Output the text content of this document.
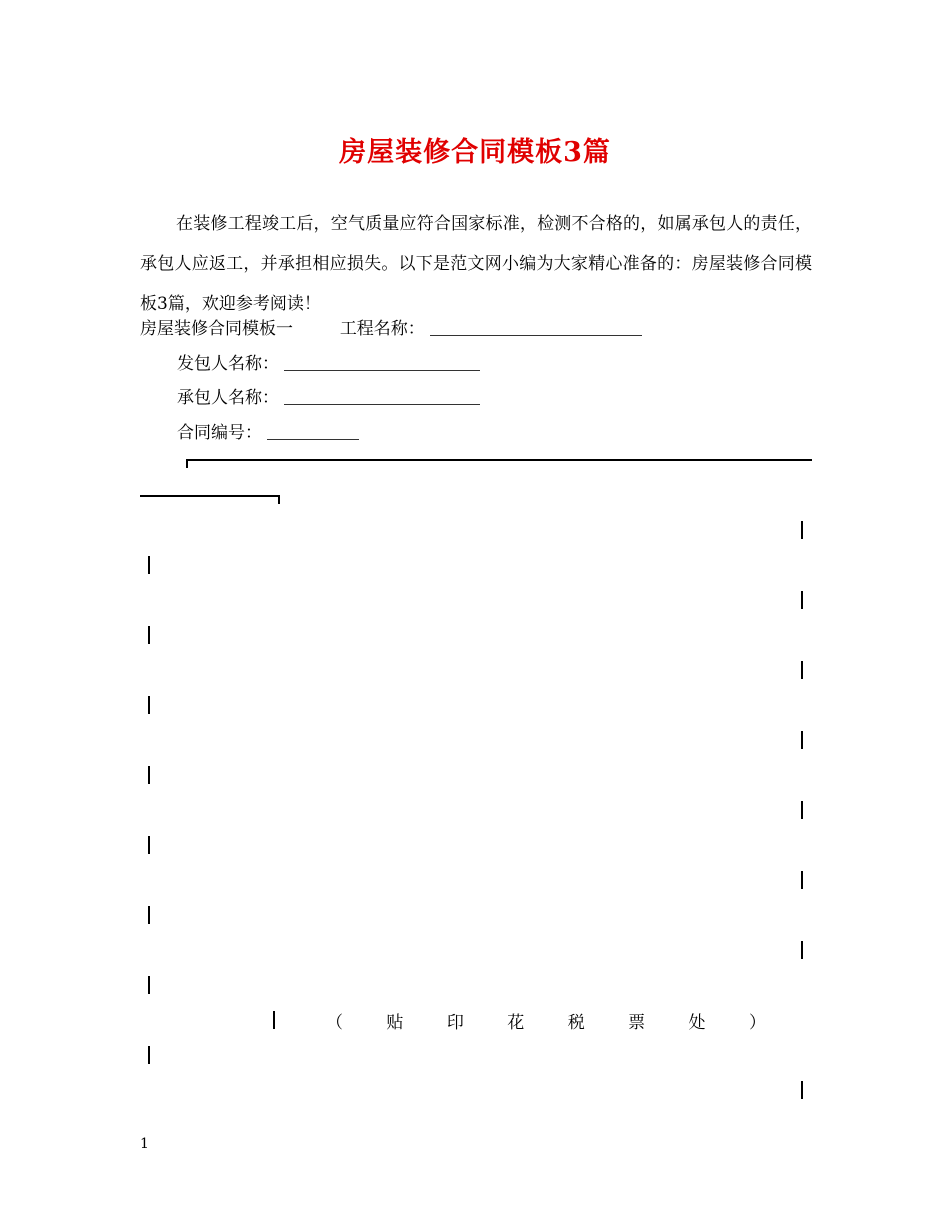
房屋装修合同模板3篇
在装修工程竣工后，空气质量应符合国家标准，检测不合格的，如属承包人的责任，承包人应返工，并承担相应损失。以下是范文网小编为大家精心准备的：房屋装修合同模板3篇，欢迎参考阅读！
房屋装修合同模板一	工程名称：
发包人名称：
承包人名称：
合同编号：
（	贴	印	花	税	票	处	）
1
